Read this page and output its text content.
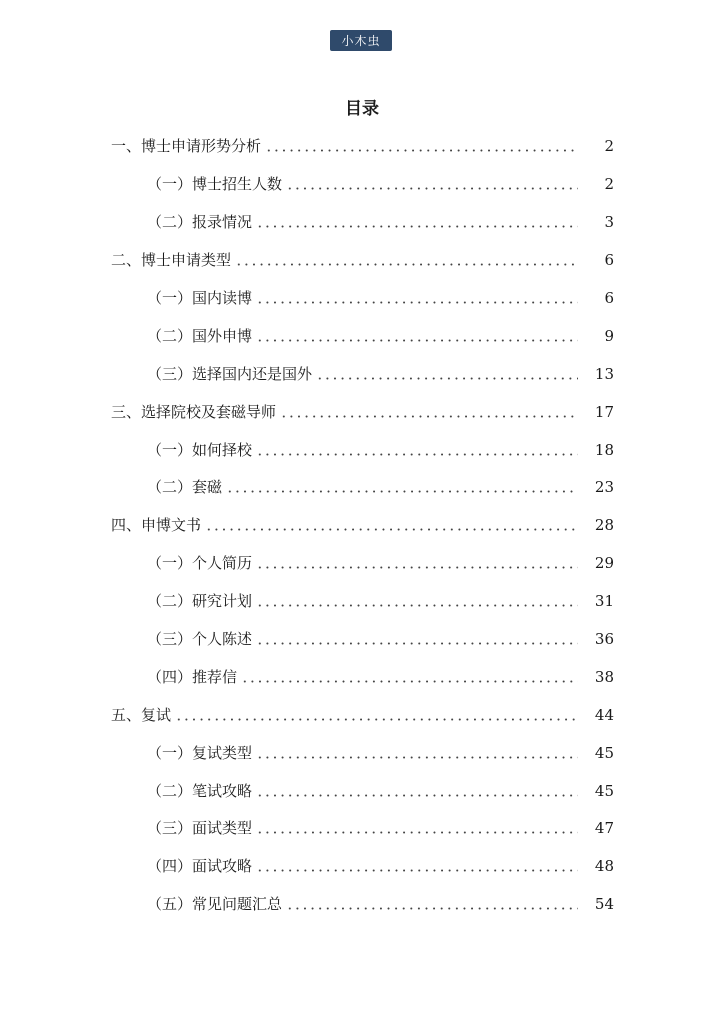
小木虫
目录
一、博士申请形势分析	2
（一）博士招生人数	2
（二）报录情况	3
二、博士申请类型	6
（一）国内读博	6
（二）国外申博	9
（三）选择国内还是国外	13
三、选择院校及套磁导师	17
（一）如何择校	18
（二）套磁	23
四、申博文书	28
（一）个人简历	29
（二）研究计划	31
（三）个人陈述	36
（四）推荐信	38
五、复试	44
（一）复试类型	45
（二）笔试攻略	45
（三）面试类型	47
（四）面试攻略	48
（五）常见问题汇总	54
